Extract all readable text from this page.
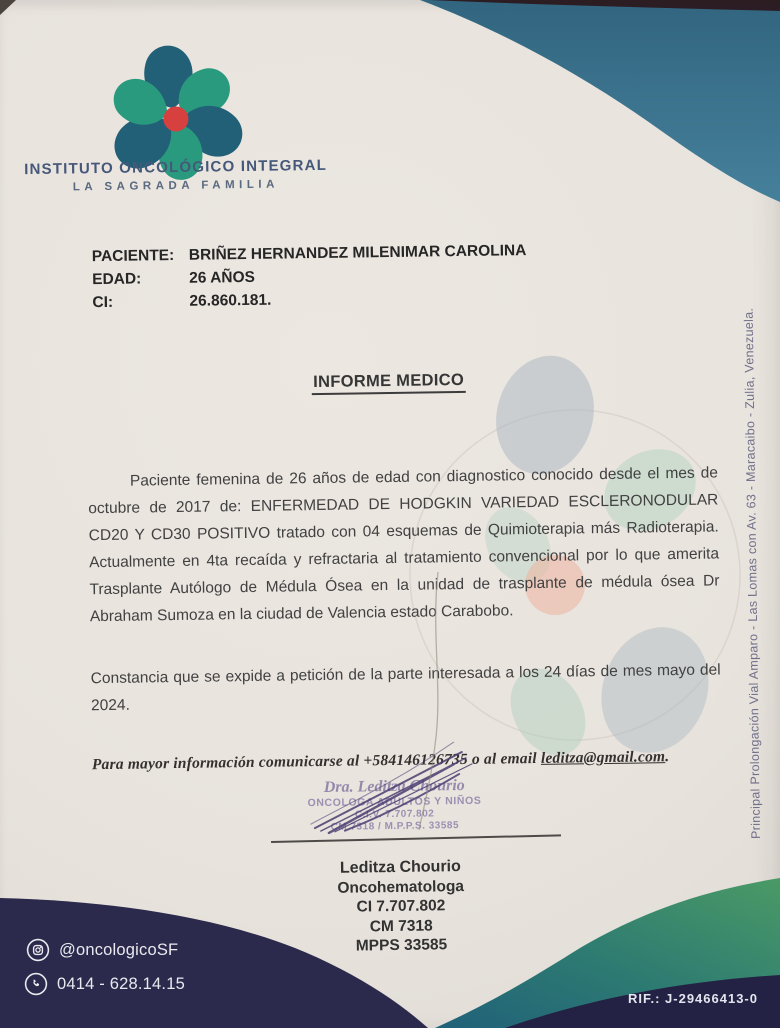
INSTITUTO ONCOLÓGICO INTEGRAL
LA SAGRADA FAMILIA
PACIENTE: BRIÑEZ HERNANDEZ MILENIMAR CAROLINA
EDAD:	26 AÑOS
CI:	26.860.181.
INFORME MEDICO

Paciente femenina de 26 años de edad con diagnostico conocido desde el mes de octubre de 2017 de: ENFERMEDAD DE HODGKIN VARIEDAD ESCLERONODULAR CD20 Y CD30 POSITIVO tratado con 04 esquemas de Quimioterapia más Radioterapia. Actualmente en 4ta recaída y refractaria al tratamiento convencional por lo que amerita Trasplante Autólogo de Médula Ósea en la unidad de trasplante de médula ósea Dr Abraham Sumoza en la ciudad de Valencia estado Carabobo.

Constancia que se expide a petición de la parte interesada a los 24 días de mes mayo del 2024.

Para mayor información comunicarse al +584146126735 o al email leditza@gmail.com.
Dra. Leditza Chourio
ONCOLOGA ADULTOS Y NIÑOS
C.I.V. 7.707.802
CM 7318 / M.P.P.S. 33585
Leditza Chourio
Oncohematologa
CI 7.707.802
CM 7318
MPPS 33585
Principal Prolongación Vial Amparo - Las Lomas con Av. 63 - Maracaibo - Zulia, Venezuela.
@oncologicoSF
0414 - 628.14.15
RIF.: J-29466413-0
